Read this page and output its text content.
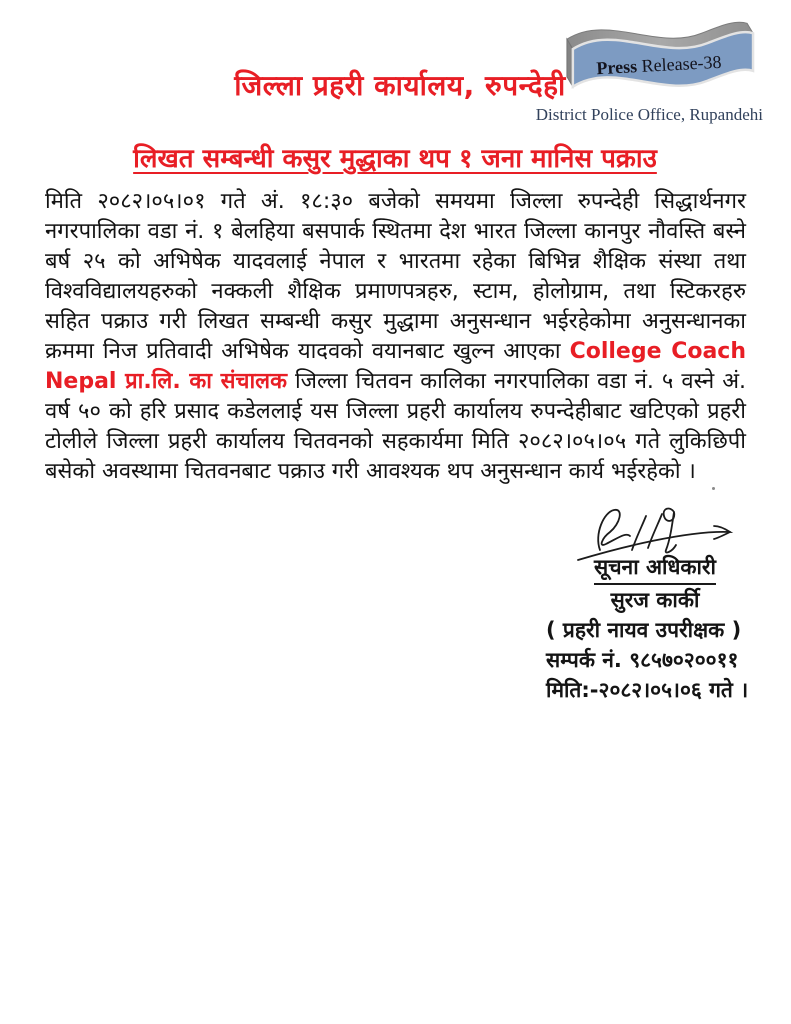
जिल्ला प्रहरी कार्यालय, रुपन्देही
Press Release-38
District Police Office, Rupandehi
लिखत सम्बन्धी कसुर मुद्धाका थप १ जना मानिस पक्राउ

मिति २०८२।०५।०१ गते अं. १८:३० बजेको समयमा जिल्ला रुपन्देही सिद्धार्थनगर नगरपालिका वडा नं. १ बेलहिया बसपार्क स्थितमा देश भारत जिल्ला कानपुर नौवस्ति बस्ने बर्ष २५ को अभिषेक यादवलाई नेपाल र भारतमा रहेका बिभिन्न शैक्षिक संस्था तथा विश्वविद्यालयहरुको नक्कली शैक्षिक प्रमाणपत्रहरु, स्टाम, होलोग्राम, तथा स्टिकरहरु सहित पक्राउ गरी लिखत सम्बन्धी कसुर मुद्धामा अनुसन्धान भईरहेकोमा अनुसन्धानका क्रममा निज प्रतिवादी अभिषेक यादवको वयानबाट खुल्न आएका College Coach Nepal प्रा.लि. का संचालक जिल्ला चितवन कालिका नगरपालिका वडा नं. ५ वस्ने अं. वर्ष ५० को हरि प्रसाद कडेललाई यस जिल्ला प्रहरी कार्यालय रुपन्देहीबाट खटिएको प्रहरी टोलीले जिल्ला प्रहरी कार्यालय चितवनको सहकार्यमा मिति २०८२।०५।०५ गते लुकिछिपी बसेको अवस्थामा चितवनबाट पक्राउ गरी आवश्यक थप अनुसन्धान कार्य भईरहेको ।

सूचना अधिकारी
सुरज कार्की
( प्रहरी नायव उपरीक्षक )
सम्पर्क नं. ९८५७०२००११
मिति:-२०८२।०५।०६ गते ।
